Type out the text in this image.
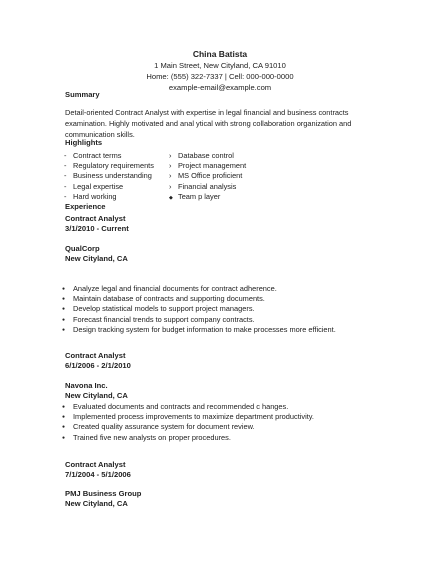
China Batista
1 Main Street, New Cityland, CA 91010
Home: (555) 322-7337 | Cell: 000-000-0000
example-email@example.com
Summary
Detail-oriented Contract Analyst with expertise in legal financial and business contracts examination. Highly motivated and anal ytical with strong collaboration organization and communication skills.
Highlights
- Contract terms
- Regulatory requirements
- Business understanding
- Legal expertise
- Hard working
› Database control
› Project management
› MS Office proficient
› Financial analysis
◆ Team p layer
Experience
Contract Analyst
3/1/2010 - Current
QualCorp
New Cityland, CA
● Analyze legal and financial documents for contract adherence.
● Maintain database of contracts and supporting documents.
● Develop statistical models to support project managers.
● Forecast financial trends to support company contracts.
● Design tracking system for budget information to make processes more efficient.
Contract Analyst
6/1/2006 - 2/1/2010
Navona Inc.
New Cityland, CA
● Evaluated documents and contracts and recommended c hanges.
● Implemented process improvements to maximize department productivity.
● Created quality assurance system for document review.
● Trained five new analysts on proper procedures.
Contract Analyst
7/1/2004 - 5/1/2006
PMJ Business Group
New Cityland, CA
